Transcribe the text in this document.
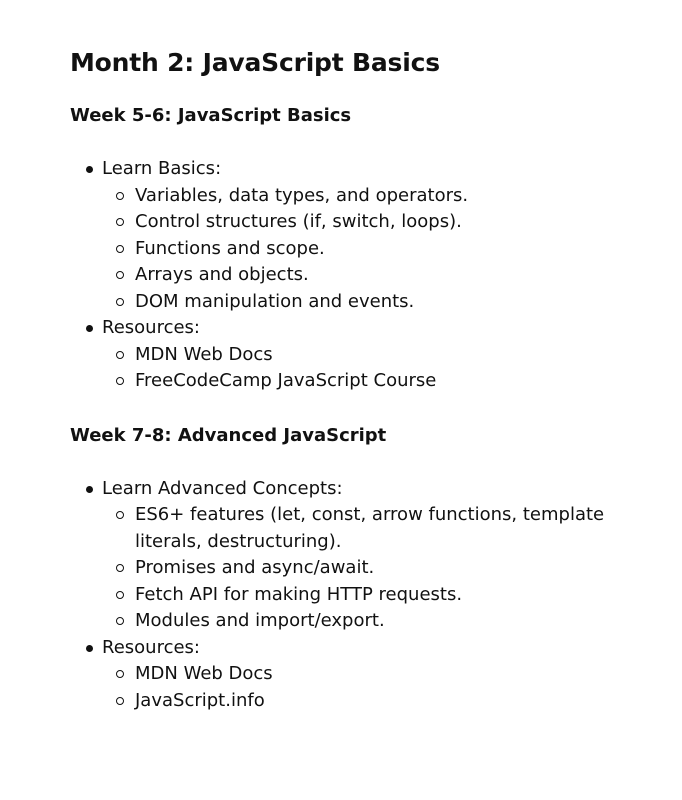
Month 2: JavaScript Basics
Week 5-6: JavaScript Basics
Learn Basics:
Variables, data types, and operators.
Control structures (if, switch, loops).
Functions and scope.
Arrays and objects.
DOM manipulation and events.
Resources:
MDN Web Docs
FreeCodeCamp JavaScript Course
Week 7-8: Advanced JavaScript
Learn Advanced Concepts:
ES6+ features (let, const, arrow functions, template literals, destructuring).
Promises and async/await.
Fetch API for making HTTP requests.
Modules and import/export.
Resources:
MDN Web Docs
JavaScript.info
